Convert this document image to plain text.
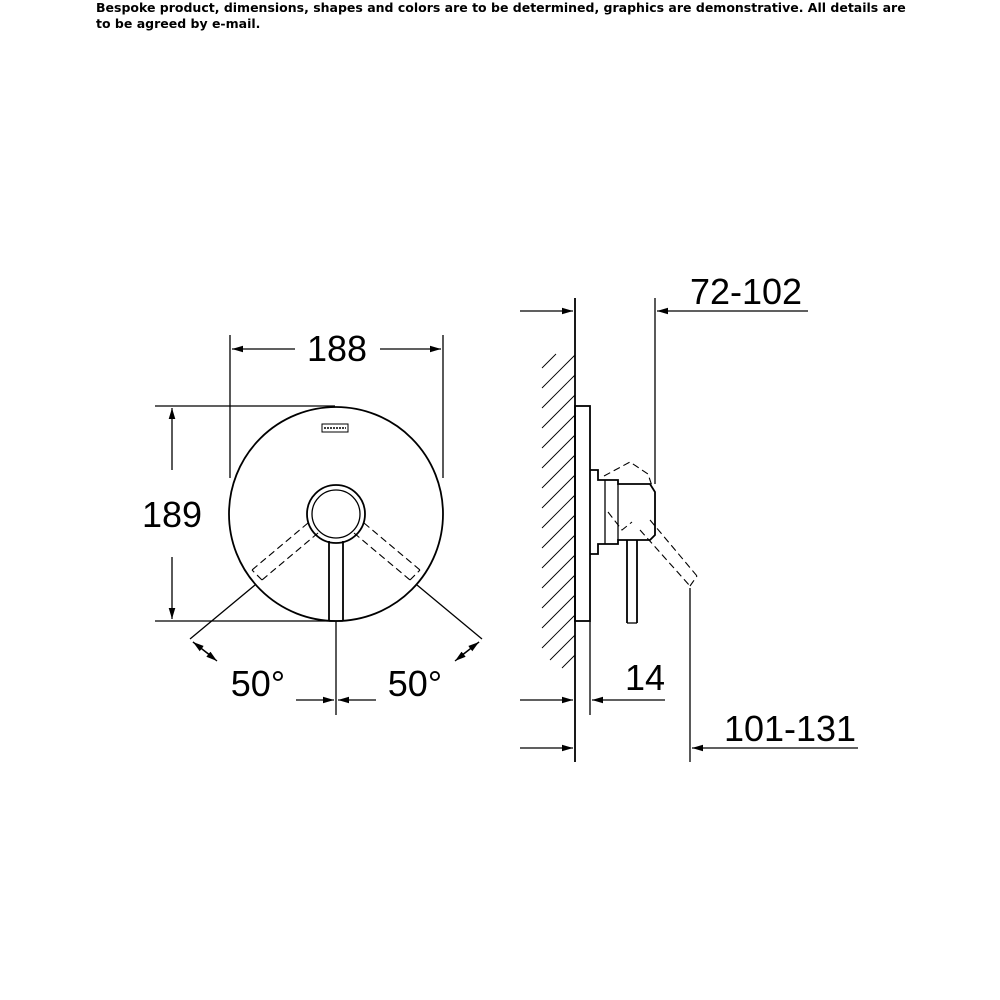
Bespoke product, dimensions, shapes and colors are to be determined, graphics are demonstrative. All details are to be agreed by e-mail.

188
189
50°	50°
72-102
14
101-131
